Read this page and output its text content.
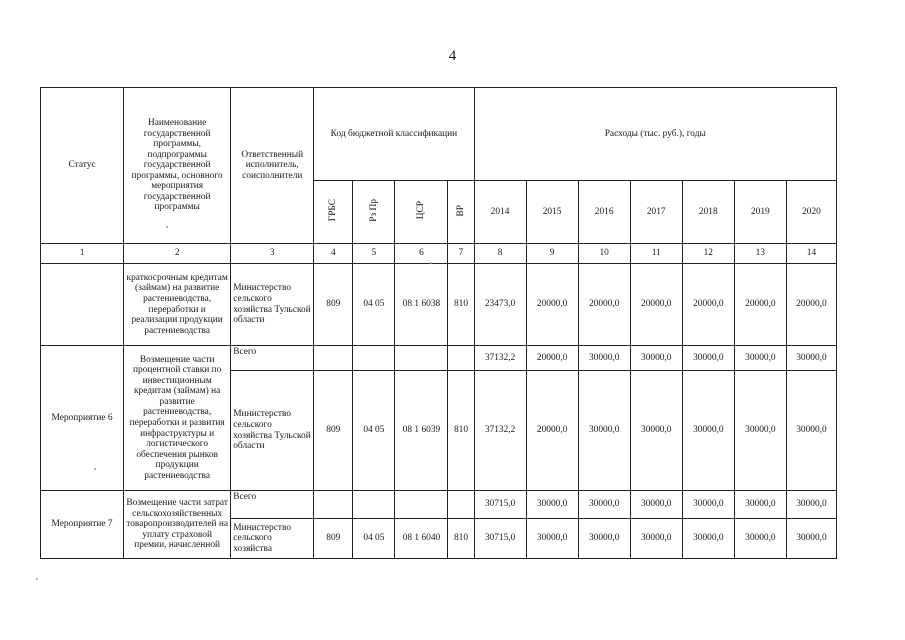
4
Статус	Наименование государственной программы, подпрограммы государственной программы, основного мероприятия государственной программы	Ответственный исполнитель, соисполнители	Код бюджетной классификации				Расходы (тыс. руб.), годы						
			ГРБС	Рз Пр	ЦСР	ВР	2014	2015	2016	2017	2018	2019	2020
1	2	3	4	5	6	7	8	9	10	11	12	13	14
	краткосрочным кредитам (займам) на развитие растениеводства, переработки и реализации продукции растениеводства	Министерство сельского хозяйства Тульской области	809	04 05	08 1 6038	810	23473,0	20000,0	20000,0	20000,0	20000,0	20000,0	20000,0
Мероприятие 6	Возмещение части процентной ставки по инвестиционным кредитам (займам) на развитие растениеводства, переработки и развития инфраструктуры и логистического обеспечения рынков продукции растениеводства	Всего					37132,2	20000,0	30000,0	30000,0	30000,0	30000,0	30000,0
		Министерство сельского хозяйства Тульской области	809	04 05	08 1 6039	810	37132,2	20000,0	30000,0	30000,0	30000,0	30000,0	30000,0
Мероприятие 7	Возмещение части затрат сельскохозяйственных товаропроизводителей на уплату страховой премии, начисленной	Всего					30715,0	30000,0	30000,0	30000,0	30000,0	30000,0	30000,0
		Министерство сельского хозяйства	809	04 05	08 1 6040	810	30715,0	30000,0	30000,0	30000,0	30000,0	30000,0	30000,0
